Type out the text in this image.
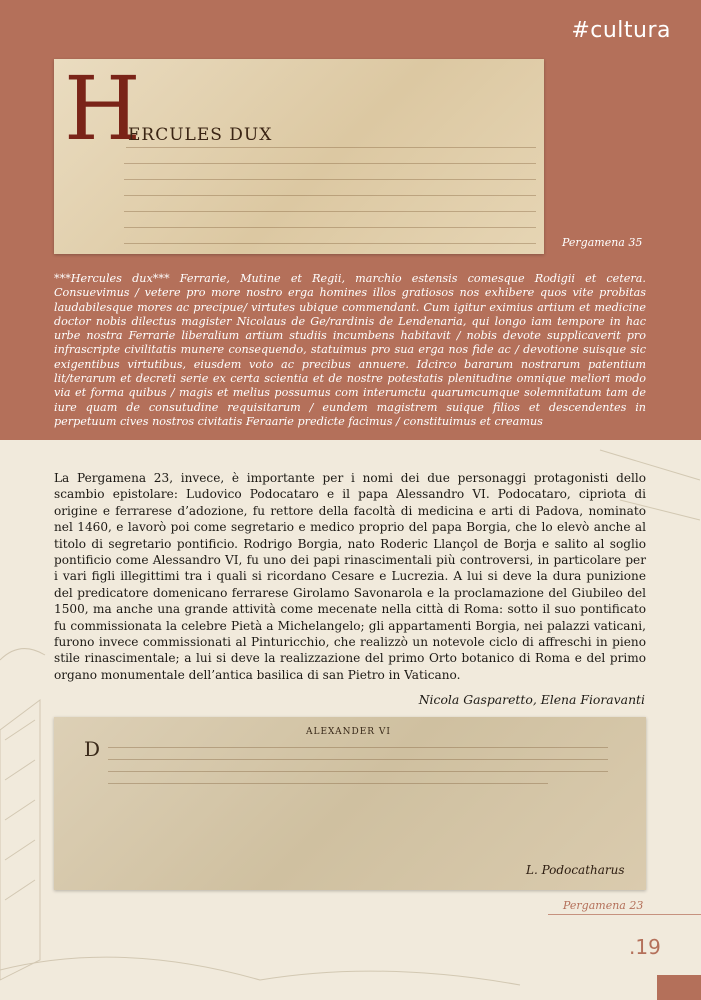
#cultura
H
ERCULES DUX
Pergamena 35

***Hercules dux*** Ferrarie, Mutine et Regii, marchio estensis comesque Rodigii et cetera. Consuevimus / vetere pro more nostro erga homines illos gratiosos nos exhibere quos vite probitas laudabilesque mores ac precipue/ virtutes ubique commendant. Cum igitur eximius artium et medicine doctor nobis dilectus magister Nicolaus de Ge/rardinis de Lendenaria, qui longo iam tempore in hac urbe nostra Ferrarie liberalium artium studiis incumbens habitavit / nobis devote supplicaverit pro infrascripte civilitatis munere consequendo, statuimus pro sua erga nos fide ac / devotione suisque sic exigentibus virtutibus, eiusdem voto ac precibus annuere. Idcirco bararum nostrarum patentium lit/terarum et decreti serie ex certa scientia et de nostre potestatis plenitudine omnique meliori modo via et forma quibus / magis et melius possumus com interumctu quarumcumque solemnitatum tam de iure quam de consutudine requisitarum / eundem magistrem suique filios et descendentes in perpetuum cives nostros civitatis Feraarie predicte facimus / constituimus et creamus

La Pergamena 23, invece, è importante per i nomi dei due personaggi protagonisti dello scambio epistolare: Ludovico Podocataro e il papa Alessandro VI. Podocataro, cipriota di origine e ferrarese d’adozione, fu rettore della facoltà di medicina e arti di Padova, nominato nel 1460, e lavorò poi come segretario e medico proprio del papa Borgia, che lo elevò anche al titolo di segretario pontificio. Rodrigo Borgia, nato Roderic Llançol de Borja e salito al soglio pontificio come Alessandro VI, fu uno dei papi rinascimentali più controversi, in particolare per i vari figli illegittimi tra i quali si ricordano Cesare e Lucrezia. A lui si deve la dura punizione del predicatore domenicano ferrarese Girolamo Savonarola e la proclamazione del Giubileo del 1500, ma anche una grande attività come mecenate nella città di Roma: sotto il suo pontificato fu commissionata la celebre Pietà a Michelangelo; gli appartamenti Borgia, nei palazzi vaticani, furono invece commissionati al Pinturicchio, che realizzò un notevole ciclo di affreschi in pieno stile rinascimentale; a lui si deve la realizzazione del primo Orto botanico di Roma e del primo organo monumentale dell’antica basilica di san Pietro in Vaticano.

Nicola Gasparetto, Elena Fioravanti
ALEXANDER VI
D
L. Podocatharus
Pergamena 23
.19
